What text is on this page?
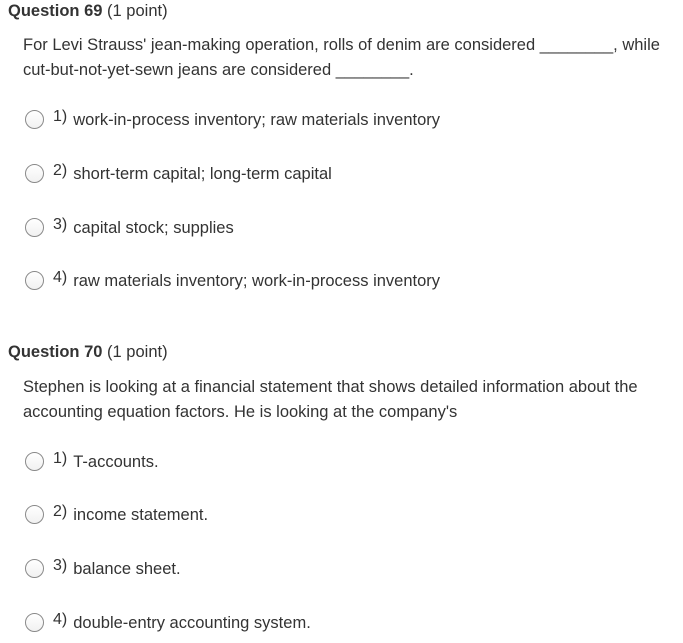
Question 69 (1 point)
For Levi Strauss' jean-making operation, rolls of denim are considered ________, while cut-but-not-yet-sewn jeans are considered ________.
1) work-in-process inventory; raw materials inventory
2) short-term capital; long-term capital
3) capital stock; supplies
4) raw materials inventory; work-in-process inventory
Question 70 (1 point)
Stephen is looking at a financial statement that shows detailed information about the accounting equation factors. He is looking at the company's
1) T-accounts.
2) income statement.
3) balance sheet.
4) double-entry accounting system.
